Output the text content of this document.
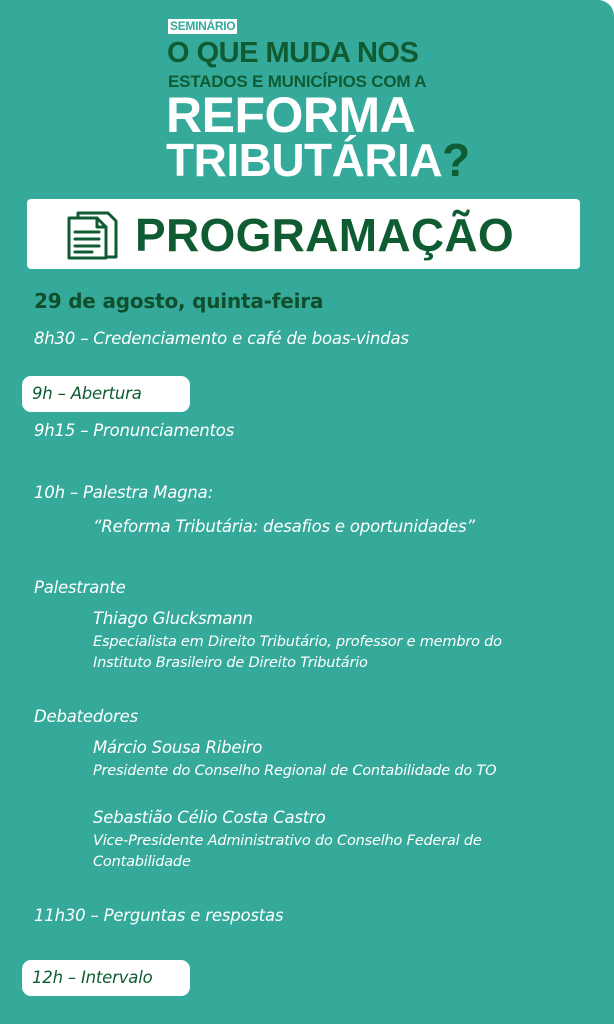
SEMINÁRIO
O QUE MUDA NOS
ESTADOS E MUNICÍPIOS COM A
REFORMA
TRIBUTÁRIA?
PROGRAMAÇÃO
29 de agosto, quinta-feira
8h30 – Credenciamento e café de boas-vindas
9h – Abertura
9h15 – Pronunciamentos
10h – Palestra Magna:
“Reforma Tributária: desafios e oportunidades”
Palestrante
Thiago Glucksmann
Especialista em Direito Tributário, professor e membro do
Instituto Brasileiro de Direito Tributário
Debatedores
Márcio Sousa Ribeiro
Presidente do Conselho Regional de Contabilidade do TO
Sebastião Célio Costa Castro
Vice-Presidente Administrativo do Conselho Federal de
Contabilidade
11h30 – Perguntas e respostas
12h – Intervalo
